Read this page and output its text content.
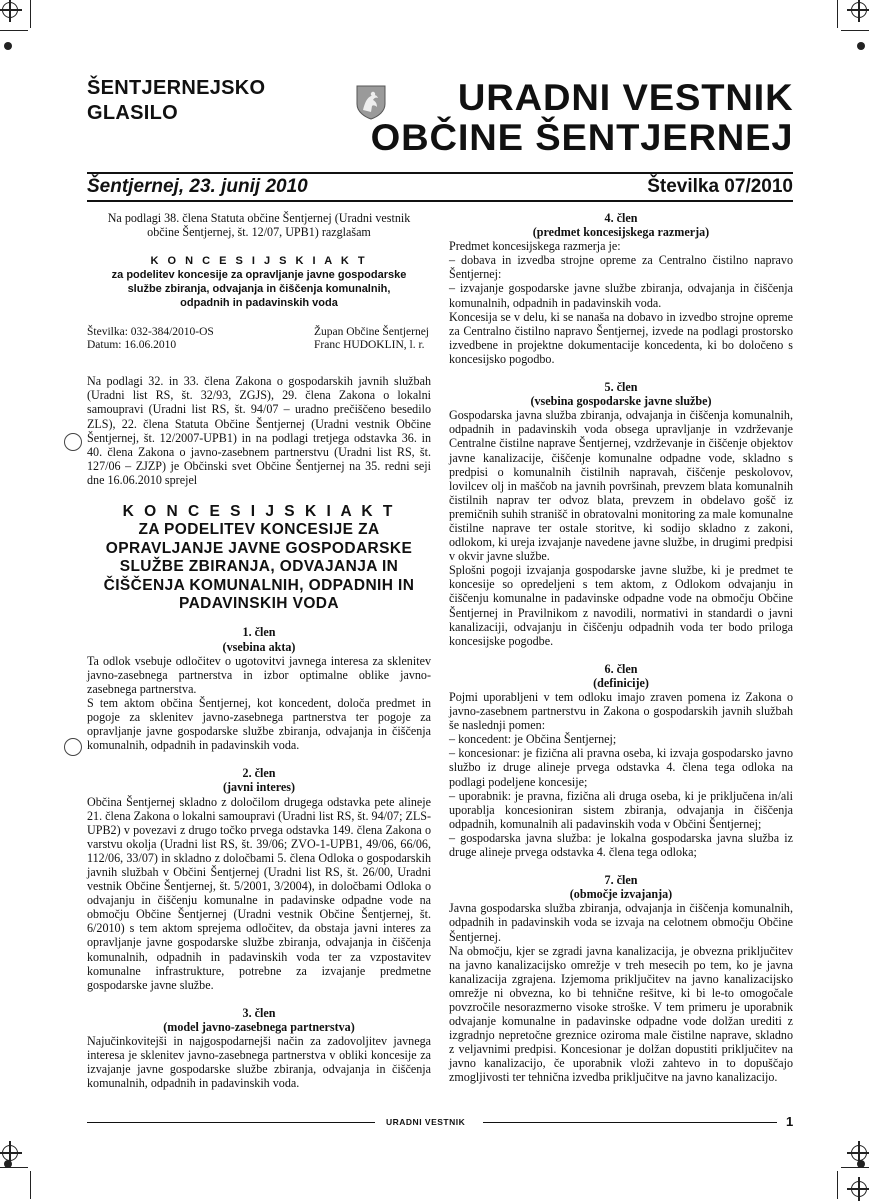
ŠENTJERNEJSKO
GLASILO	URADNI VESTNIK
OBČINE ŠENTJERNEJ
Šentjernej, 23. junij 2010	Številka 07/2010

Na podlagi 38. člena Statuta občine Šentjernej (Uradni vestnik občine Šentjernej, št. 12/07, UPB1) razglašam

K O N C E S I J S K I A K T

za podelitev koncesije za opravljanje javne gospodarske službe zbiranja, odvajanja in čiščenja komunalnih, odpadnih in padavinskih voda

Številka: 032-384/2010-OS
Datum: 16.06.2010
Župan Občine Šentjernej
Franc HUDOKLIN, l. r.

Na podlagi 32. in 33. člena Zakona o gospodarskih javnih službah (Uradni list RS, št. 32/93, ZGJS), 29. člena Zakona o lokalni samoupravi (Uradni list RS, št. 94/07 – uradno prečiščeno besedilo ZLS), 22. člena Statuta Občine Šentjernej (Uradni vestnik Občine Šentjernej, št. 12/2007-UPB1) in na podlagi tretjega odstavka 36. in 40. člena Zakona o javno-zasebnem partnerstvu (Uradni list RS, št. 127/06 – ZJZP) je Občinski svet Občine Šentjernej na 35. redni seji dne 16.06.2010 sprejel

K O N C E S I J S K I A K T
ZA PODELITEV KONCESIJE ZA OPRAVLJANJE JAVNE GOSPODARSKE SLUŽBE ZBIRANJA, ODVAJANJA IN ČIŠČENJA KOMUNALNIH, ODPADNIH IN PADAVINSKIH VODA

1. člen

(vsebina akta)

Ta odlok vsebuje odločitev o ugotovitvi javnega interesa za sklenitev javno-zasebnega partnerstva in izbor optimalne oblike javno-zasebnega partnerstva.

S tem aktom občina Šentjernej, kot koncedent, določa predmet in pogoje za sklenitev javno-zasebnega partnerstva ter pogoje za opravljanje javne gospodarske službe zbiranja, odvajanja in čiščenja komunalnih, odpadnih in padavinskih voda.

2. člen

(javni interes)

Občina Šentjernej skladno z določilom drugega odstavka pete alineje 21. člena Zakona o lokalni samoupravi (Uradni list RS, št. 94/07; ZLS-UPB2) v povezavi z drugo točko prvega odstavka 149. člena Zakona o varstvu okolja (Uradni list RS, št. 39/06; ZVO-1-UPB1, 49/06, 66/06, 112/06, 33/07) in skladno z določbami 5. člena Odloka o gospodarskih javnih službah v Občini Šentjernej (Uradni list RS, št. 26/00, Uradni vestnik Občine Šentjernej, št. 5/2001, 3/2004), in določbami Odloka o odvajanju in čiščenju komunalne in padavinske odpadne vode na območju Občine Šentjernej (Uradni vestnik Občine Šentjernej, št. 6/2010) s tem aktom sprejema odločitev, da obstaja javni interes za opravljanje javne gospodarske službe zbiranja, odvajanja in čiščenja komunalnih, odpadnih in padavinskih voda ter za vzpostavitev komunalne infrastrukture, potrebne za izvajanje predmetne gospodarske javne službe.

3. člen

(model javno-zasebnega partnerstva)

Najučinkovitejši in najgospodarnejši način za zadovoljitev javnega interesa je sklenitev javno-zasebnega partnerstva v obliki koncesije za izvajanje javne gospodarske službe zbiranja, odvajanja in čiščenja komunalnih, odpadnih in padavinskih voda.

4. člen

(predmet koncesijskega razmerja)

Predmet koncesijskega razmerja je:

– dobava in izvedba strojne opreme za Centralno čistilno napravo Šentjernej:

– izvajanje gospodarske javne službe zbiranja, odvajanja in čiščenja komunalnih, odpadnih in padavinskih voda.

Koncesija se v delu, ki se nanaša na dobavo in izvedbo strojne opreme za Centralno čistilno napravo Šentjernej, izvede na podlagi prostorsko izvedbene in projektne dokumentacije koncedenta, ki bo določeno s koncesijsko pogodbo.

5. člen

(vsebina gospodarske javne službe)

Gospodarska javna služba zbiranja, odvajanja in čiščenja komunalnih, odpadnih in padavinskih voda obsega upravljanje in vzdrževanje Centralne čistilne naprave Šentjernej, vzdrževanje in čiščenje objektov javne kanalizacije, čiščenje komunalne odpadne vode, skladno s predpisi o komunalnih čistilnih napravah, čiščenje peskolovov, lovilcev olj in maščob na javnih površinah, prevzem blata komunalnih čistilnih naprav ter odvoz blata, prevzem in obdelavo gošč iz premičnih suhih stranišč in obratovalni monitoring za male komunalne čistilne naprave ter ostale storitve, ki sodijo skladno z zakoni, odlokom, ki ureja izvajanje navedene javne službe, in drugimi predpisi v okvir javne službe.

Splošni pogoji izvajanja gospodarske javne službe, ki je predmet te koncesije so opredeljeni s tem aktom, z Odlokom odvajanju in čiščenju komunalne in padavinske odpadne vode na območju Občine Šentjernej in Pravilnikom z navodili, normativi in standardi o javni kanalizaciji, odvajanju in čiščenju odpadnih voda ter bodo priloga koncesijske pogodbe.

6. člen

(definicije)

Pojmi uporabljeni v tem odloku imajo zraven pomena iz Zakona o javno-zasebnem partnerstvu in Zakona o gospodarskih javnih službah še naslednji pomen:

– koncedent: je Občina Šentjernej;

– koncesionar: je fizična ali pravna oseba, ki izvaja gospodarsko javno službo iz druge alineje prvega odstavka 4. člena tega odloka na podlagi podeljene koncesije;

– uporabnik: je pravna, fizična ali druga oseba, ki je priključena in/ali uporablja koncesioniran sistem zbiranja, odvajanja in čiščenja odpadnih, komunalnih ali padavinskih voda v Občini Šentjernej;

– gospodarska javna služba: je lokalna gospodarska javna služba iz druge alineje prvega odstavka 4. člena tega odloka;

7. člen

(območje izvajanja)

Javna gospodarska služba zbiranja, odvajanja in čiščenja komunalnih, odpadnih in padavinskih voda se izvaja na celotnem območju Občine Šentjernej.

Na območju, kjer se zgradi javna kanalizacija, je obvezna priključitev na javno kanalizacijsko omrežje v treh mesecih po tem, ko je javna kanalizacija zgrajena. Izjemoma priključitev na javno kanalizacijsko omrežje ni obvezna, ko bi tehnične rešitve, ki bi le-to omogočale povzročile nesorazmerno visoke stroške. V tem primeru je uporabnik odvajanje komunalne in padavinske odpadne vode dolžan urediti z izgradnjo nepretočne greznice oziroma male čistilne naprave, skladno z veljavnimi predpisi. Koncesionar je dolžan dopustiti priključitev na javno kanalizacijo, če uporabnik vloži zahtevo in to dopuščajo zmogljivosti ter tehnična izvedba priključitve na javno kanalizacijo.

URADNI VESTNIK	1
